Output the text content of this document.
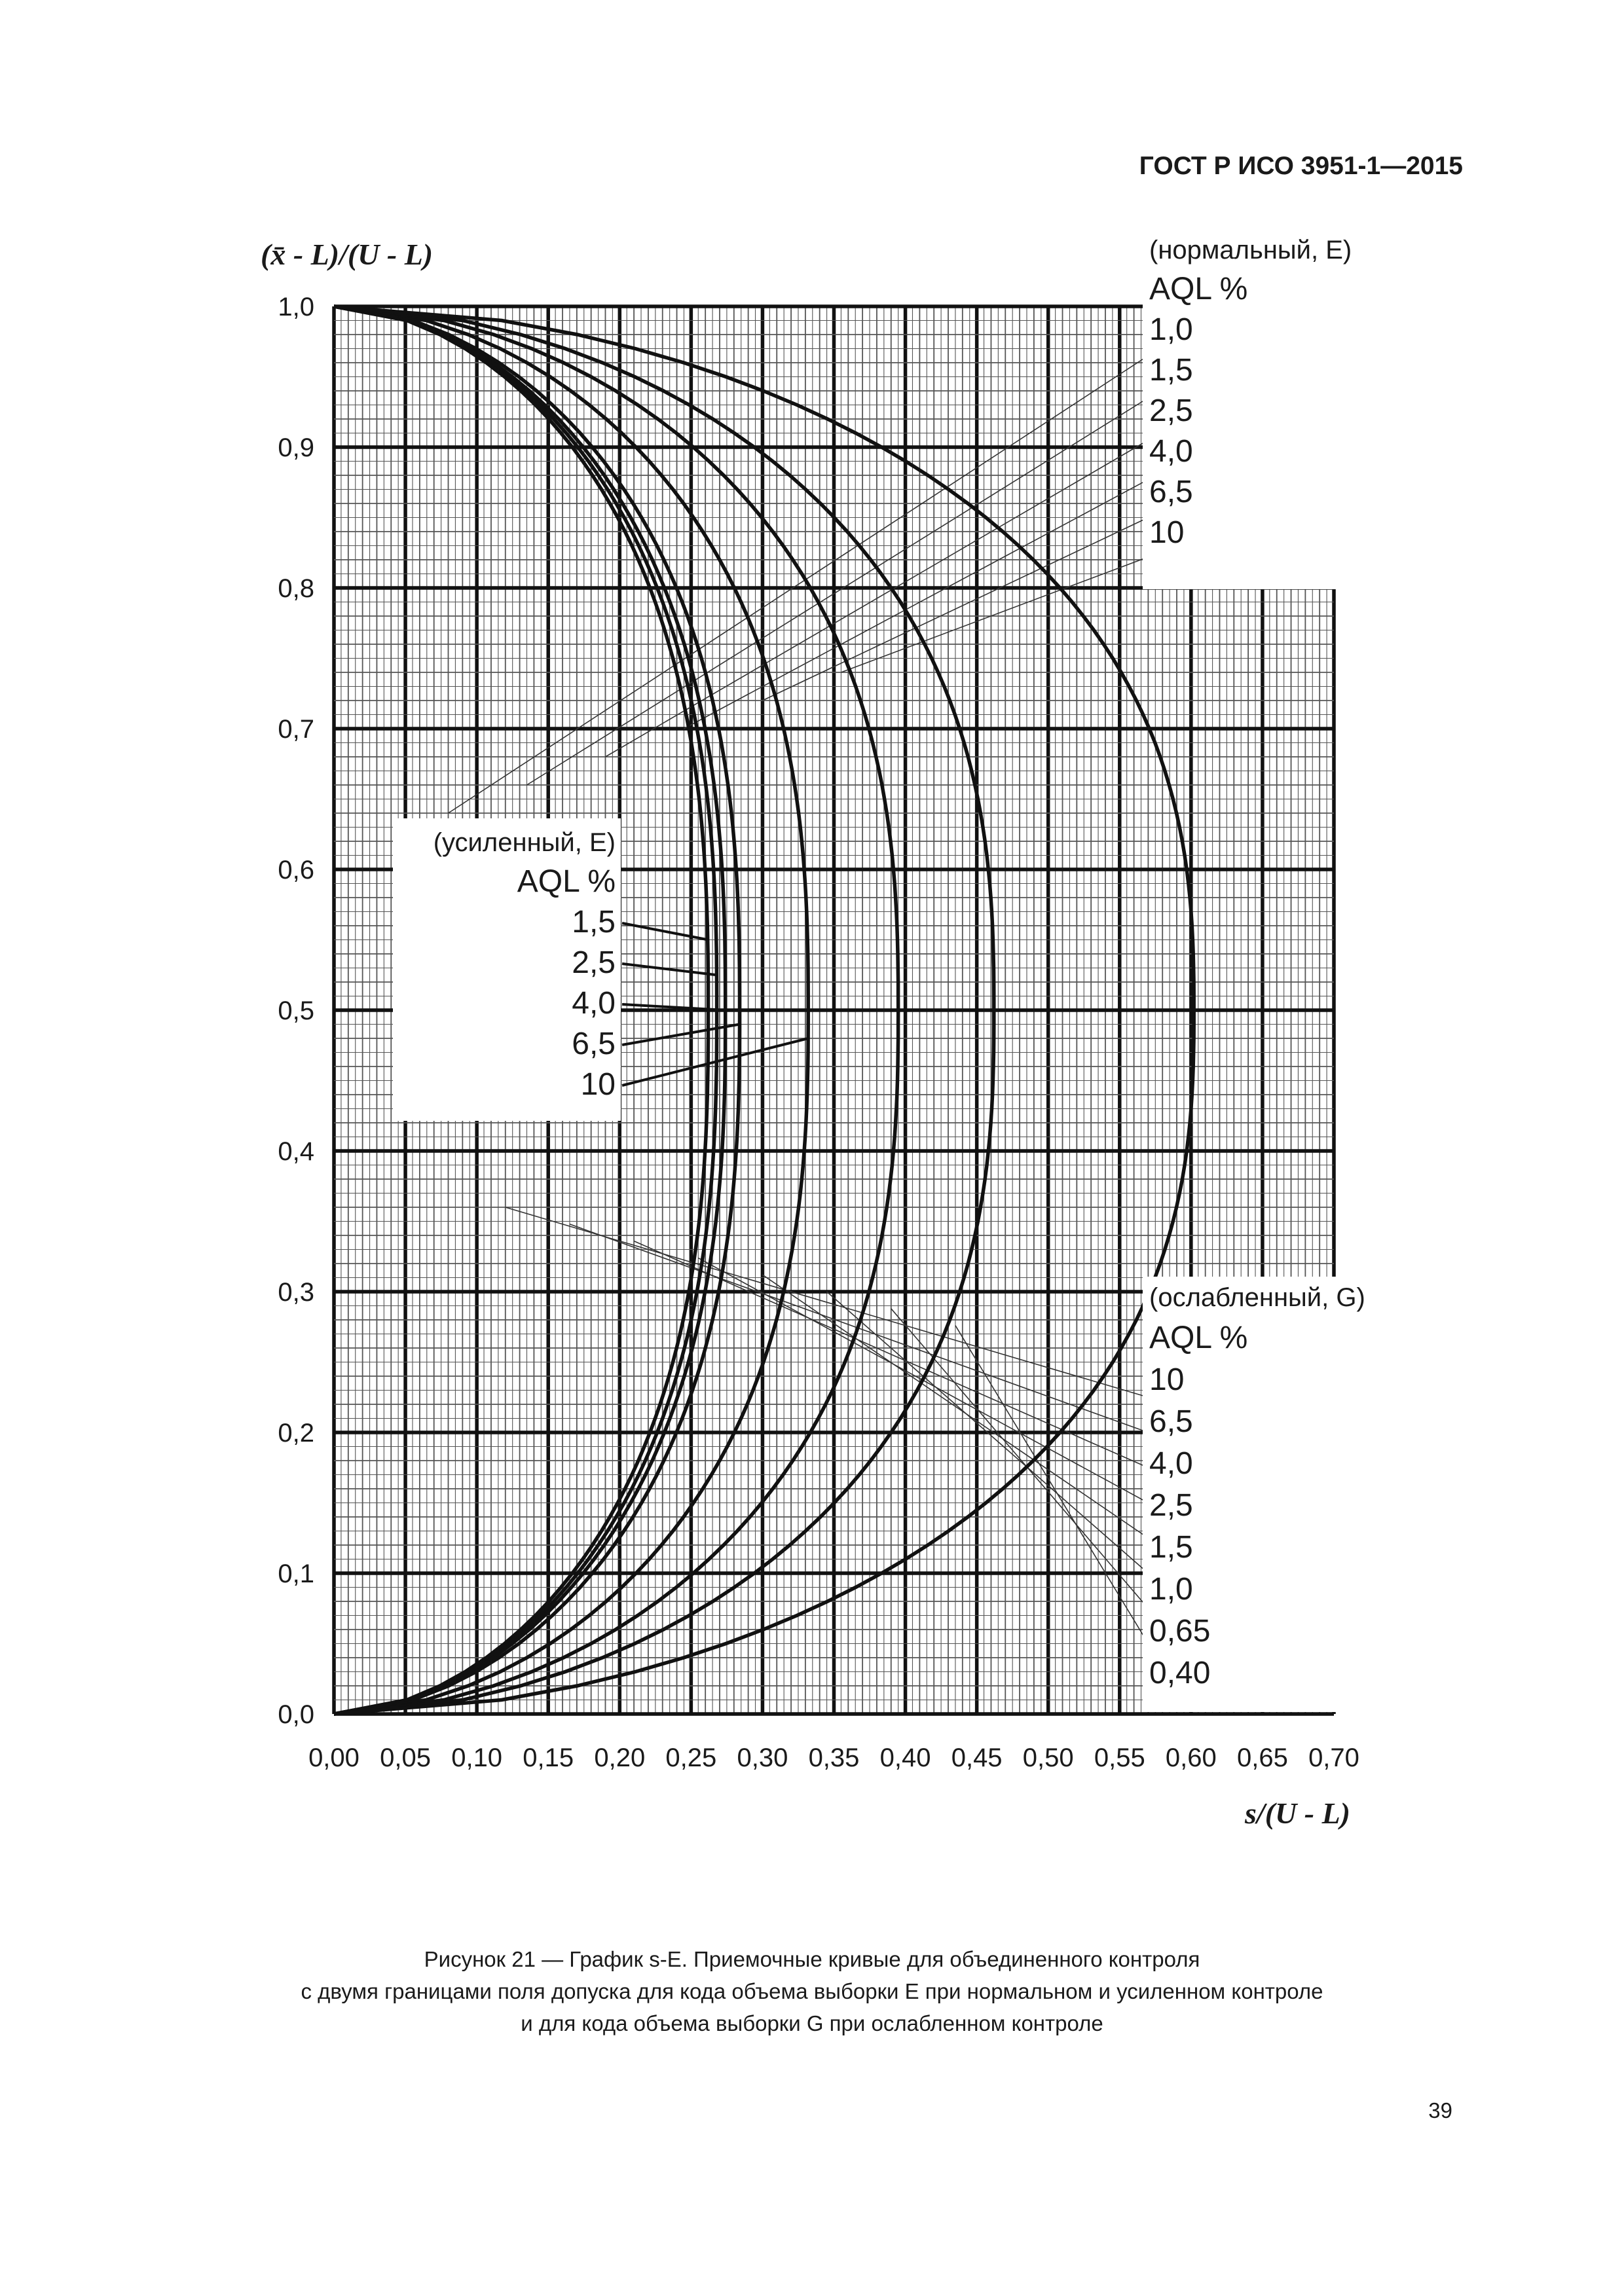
ГОСТ Р ИСО 3951-1—2015
0,00 0,05 0,10 0,15 0,20 0,25 0,30 0,35 0,40 0,45 0,50 0,55 0,60 0,65 0,70
0,0
0,1
0,2
0,3
0,4
0,5
0,6
0,7
0,8
0,9
1,0
(нормальный, E)
AQL %
1,0
1,5
2,5
4,0
6,5
10
(усиленный, E)
AQL %
1,5
2,5
4,0
6,5
10
(ослабленный, G)
AQL %
10
6,5
4,0
2,5
1,5
1,0
0,65
0,40
(x̄ - L)/(U - L)
s/(U - L)
Рисунок 21 — График s-E. Приемочные кривые для объединенного контроля
с двумя границами поля допуска для кода объема выборки E при нормальном и усиленном контроле
и для кода объема выборки G при ослабленном контроле
39
